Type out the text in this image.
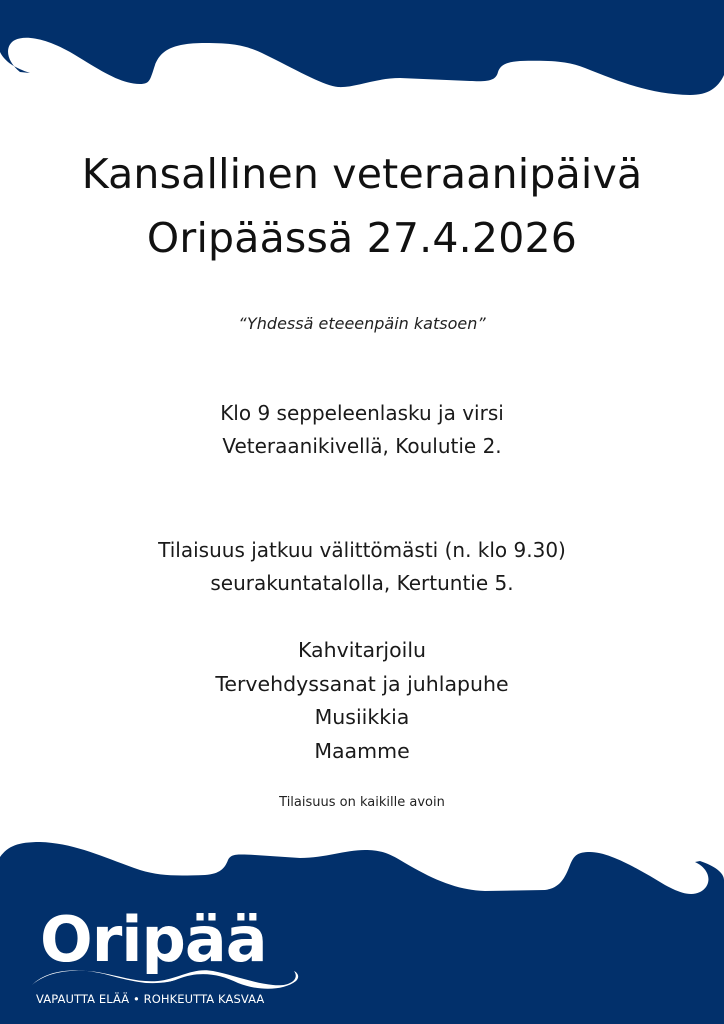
Kansallinen veteraanipäivä
Oripäässä 27.4.2026
“Yhdessä eteeenpäin katsoen”
Klo 9 seppeleenlasku ja virsi
Veteraanikivellä, Koulutie 2.
Tilaisuus jatkuu välittömästi (n. klo 9.30)
seurakuntatalolla, Kertuntie 5.
Kahvitarjoilu
Tervehdyssanat ja juhlapuhe
Musiikkia
Maamme
Tilaisuus on kaikille avoin
Oripää
VAPAUTTA ELÄÄ • ROHKEUTTA KASVAA
